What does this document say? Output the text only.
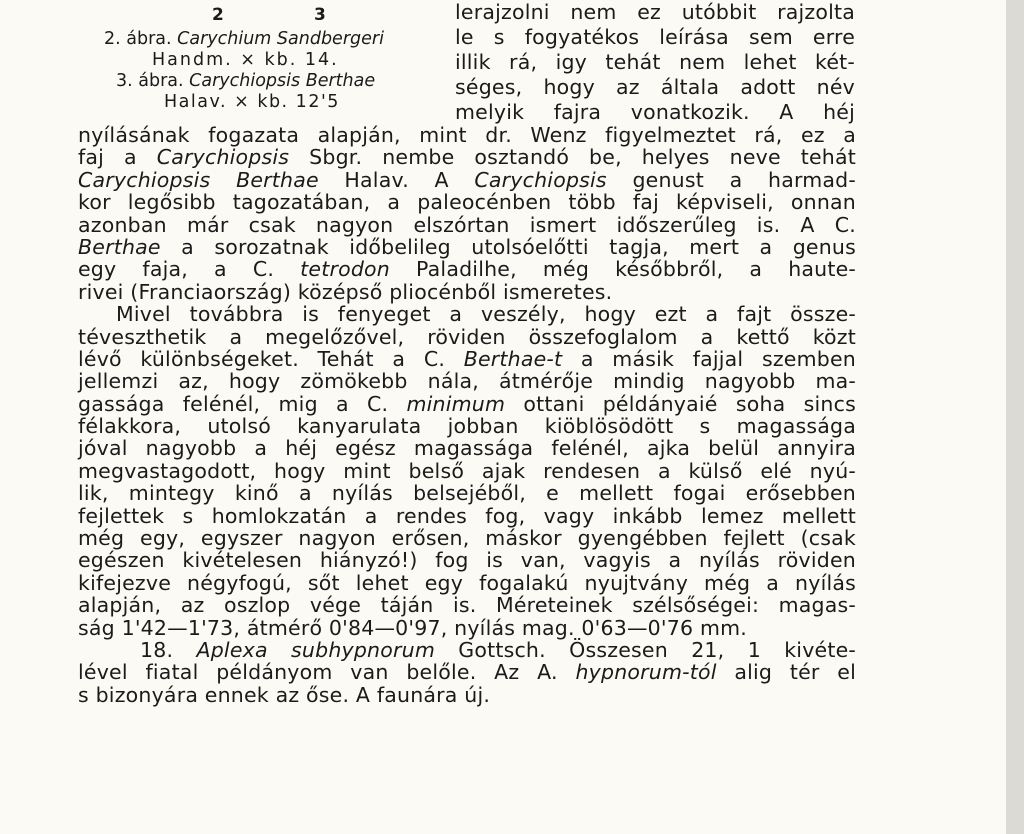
2	3
2. ábra. Carychium Sandbergeri
Handm. × kb. 14.
3. ábra. Carychiopsis Berthae
Halav. × kb. 12'5
lerajzolni nem ez utóbbit rajzolta
le s fogyatékos leírása sem erre
illik rá, igy tehát nem lehet két-
séges, hogy az általa adott név
melyik fajra vonatkozik. A héj
nyílásának fogazata alapján, mint dr. Wenz figyelmeztet rá, ez a
faj a Carychiopsis Sbgr. nembe osztandó be, helyes neve tehát
Carychiopsis Berthae Halav. A Carychiopsis genust a harmad-
kor legősibb tagozatában, a paleocénben több faj képviseli, onnan
azonban már csak nagyon elszórtan ismert időszerűleg is. A C.
Berthae a sorozatnak időbelileg utolsóelőtti tagja, mert a genus
egy faja, a C. tetrodon Paladilhe, még későbbről, a haute-
rivei (Franciaország) középső pliocénből ismeretes.
Mivel továbbra is fenyeget a veszély, hogy ezt a fajt össze-
téveszthetik a megelőzővel, röviden összefoglalom a kettő közt
lévő különbségeket. Tehát a C. Berthae-t a másik fajjal szemben
jellemzi az, hogy zömökebb nála, átmérője mindig nagyobb ma-
gassága felénél, mig a C. minimum ottani példányaié soha sincs
félakkora, utolsó kanyarulata jobban kiöblösödött s magassága
jóval nagyobb a héj egész magassága felénél, ajka belül annyira
megvastagodott, hogy mint belső ajak rendesen a külső elé nyú-
lik, mintegy kinő a nyílás belsejéből, e mellett fogai erősebben
fejlettek s homlokzatán a rendes fog, vagy inkább lemez mellett
még egy, egyszer nagyon erősen, máskor gyengébben fejlett (csak
egészen kivételesen hiányzó!) fog is van, vagyis a nyílás röviden
kifejezve négyfogú, sőt lehet egy fogalakú nyujtvány még a nyílás
alapján, az oszlop vége táján is. Méreteinek szélsőségei: magas-
ság 1'42—1'73, átmérő 0'84—0'97, nyílás mag. 0'63—0'76 mm.
18. Aplexa subhypnorum Gottsch. Összesen 21, 1 kivéte-
lével fiatal példányom van belőle. Az A. hypnorum-tól alig tér el
s bizonyára ennek az őse. A faunára új.
